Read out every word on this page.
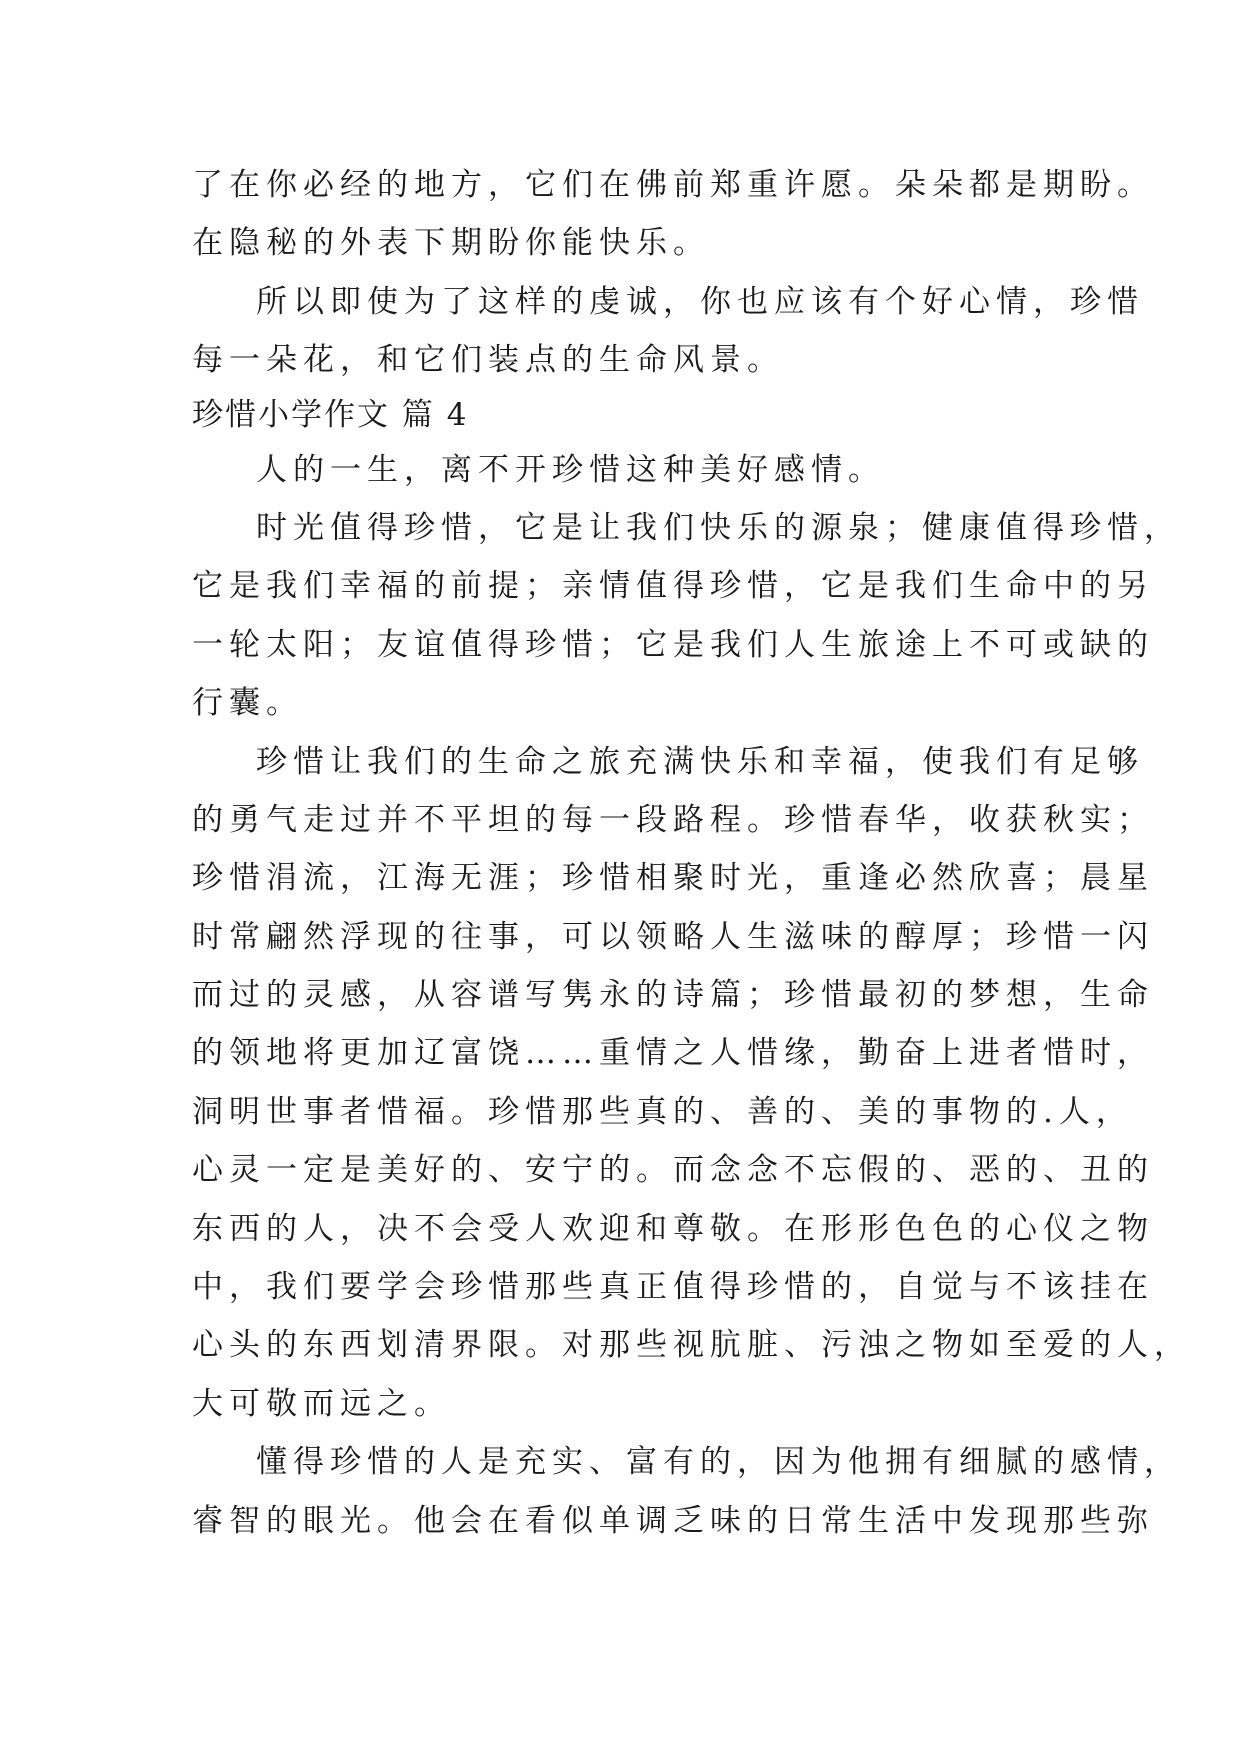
了在你必经的地方，它们在佛前郑重许愿。朵朵都是期盼。
在隐秘的外表下期盼你能快乐。
所以即使为了这样的虔诚，你也应该有个好心情，珍惜
每一朵花，和它们装点的生命风景。
珍惜小学作文 篇 4
人的一生，离不开珍惜这种美好感情。
时光值得珍惜，它是让我们快乐的源泉；健康值得珍惜，
它是我们幸福的前提；亲情值得珍惜，它是我们生命中的另
一轮太阳；友谊值得珍惜；它是我们人生旅途上不可或缺的
行囊。
珍惜让我们的生命之旅充满快乐和幸福，使我们有足够
的勇气走过并不平坦的每一段路程。珍惜春华，收获秋实；
珍惜涓流，江海无涯；珍惜相聚时光，重逢必然欣喜；晨星
时常翩然浮现的往事，可以领略人生滋味的醇厚；珍惜一闪
而过的灵感，从容谱写隽永的诗篇；珍惜最初的梦想，生命
的领地将更加辽富饶……重情之人惜缘，勤奋上进者惜时，
洞明世事者惜福。珍惜那些真的、善的、美的事物的.人，
心灵一定是美好的、安宁的。而念念不忘假的、恶的、丑的
东西的人，决不会受人欢迎和尊敬。在形形色色的心仪之物
中，我们要学会珍惜那些真正值得珍惜的，自觉与不该挂在
心头的东西划清界限。对那些视肮脏、污浊之物如至爱的人，
大可敬而远之。
懂得珍惜的人是充实、富有的，因为他拥有细腻的感情，
睿智的眼光。他会在看似单调乏味的日常生活中发现那些弥
